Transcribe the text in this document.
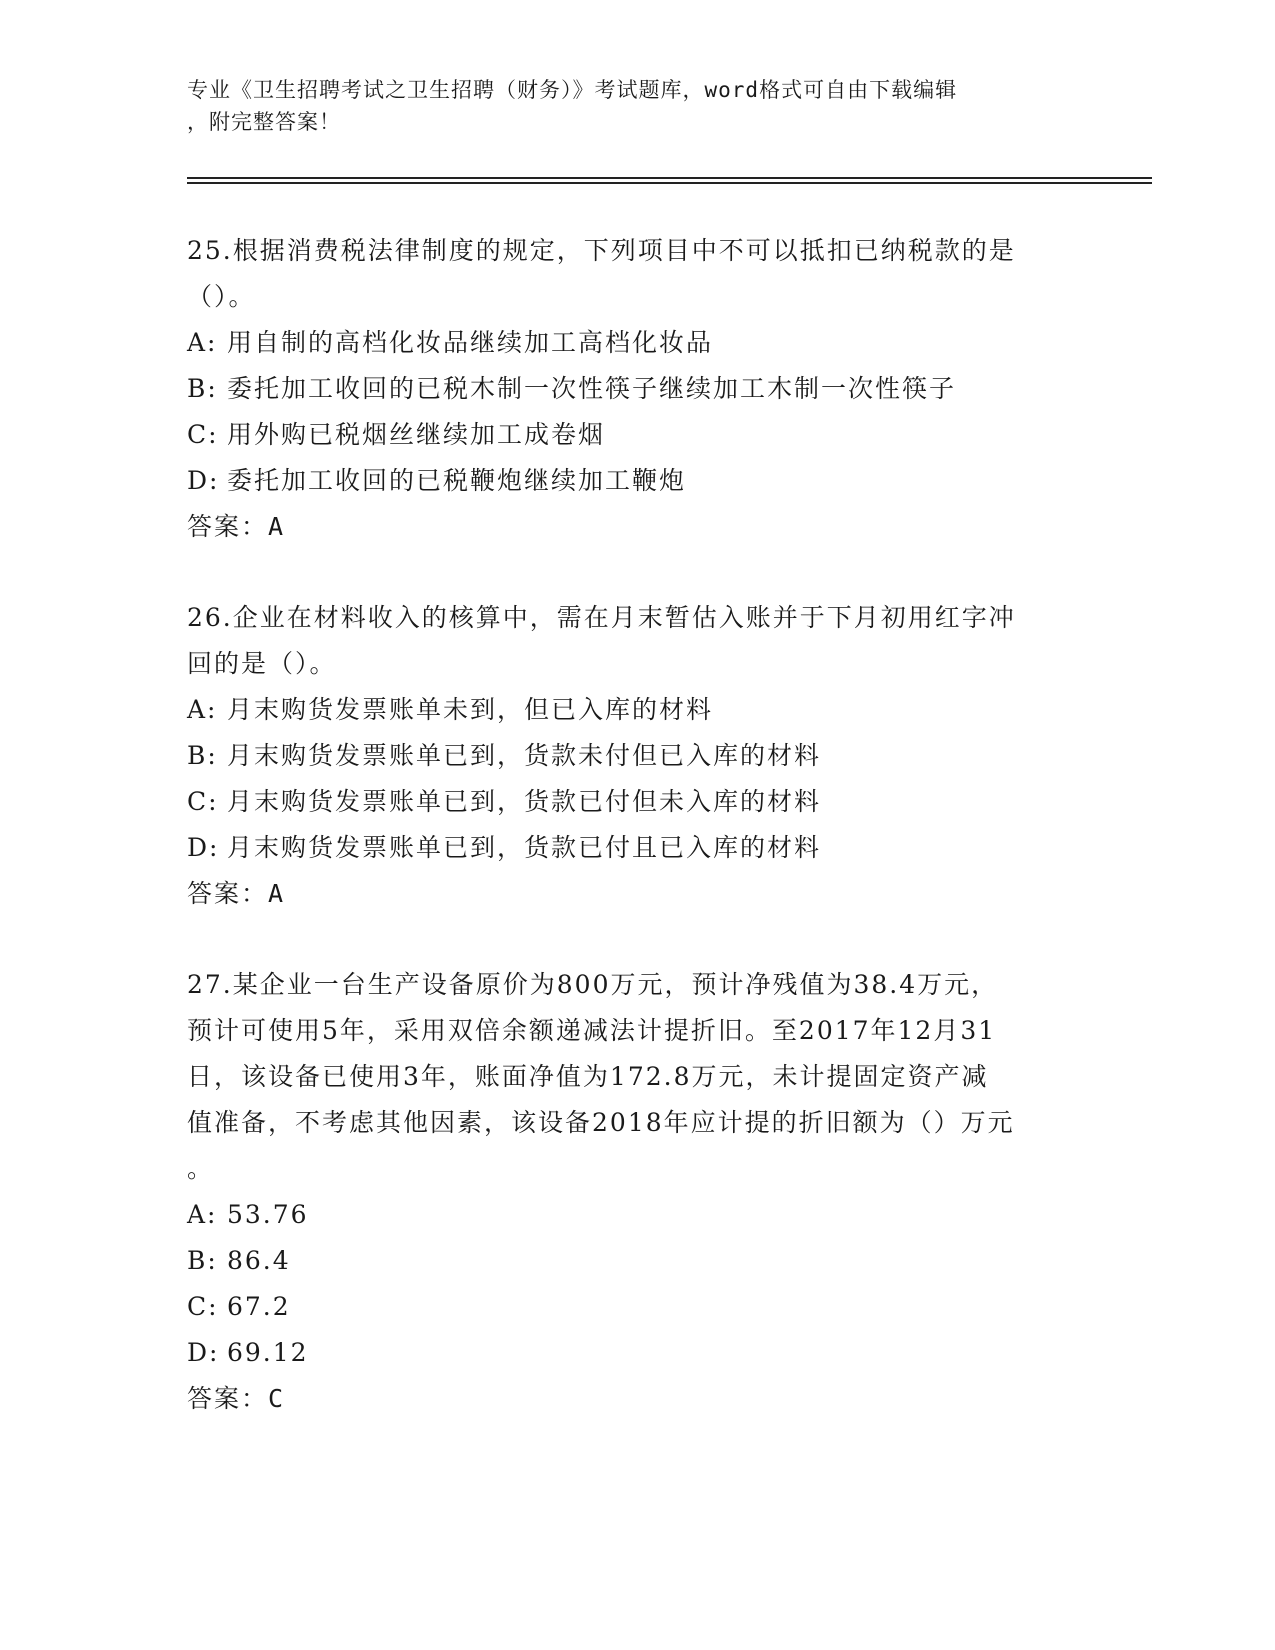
专业《卫生招聘考试之卫生招聘（财务）》考试题库，word格式可自由下载编辑
，附完整答案！
25.根据消费税法律制度的规定，下列项目中不可以抵扣已纳税款的是
（）。
A: 用自制的高档化妆品继续加工高档化妆品
B: 委托加工收回的已税木制一次性筷子继续加工木制一次性筷子
C: 用外购已税烟丝继续加工成卷烟
D: 委托加工收回的已税鞭炮继续加工鞭炮
答案：A
26.企业在材料收入的核算中，需在月末暂估入账并于下月初用红字冲
回的是（）。
A: 月末购货发票账单未到，但已入库的材料
B: 月末购货发票账单已到，货款未付但已入库的材料
C: 月末购货发票账单已到，货款已付但未入库的材料
D: 月末购货发票账单已到，货款已付且已入库的材料
答案：A
27.某企业一台生产设备原价为800万元，预计净残值为38.4万元，
预计可使用5年，采用双倍余额递减法计提折旧。至2017年12月31
日，该设备已使用3年，账面净值为172.8万元，未计提固定资产减
值准备，不考虑其他因素，该设备2018年应计提的折旧额为（）万元
。
A: 53.76
B: 86.4
C: 67.2
D: 69.12
答案：C
